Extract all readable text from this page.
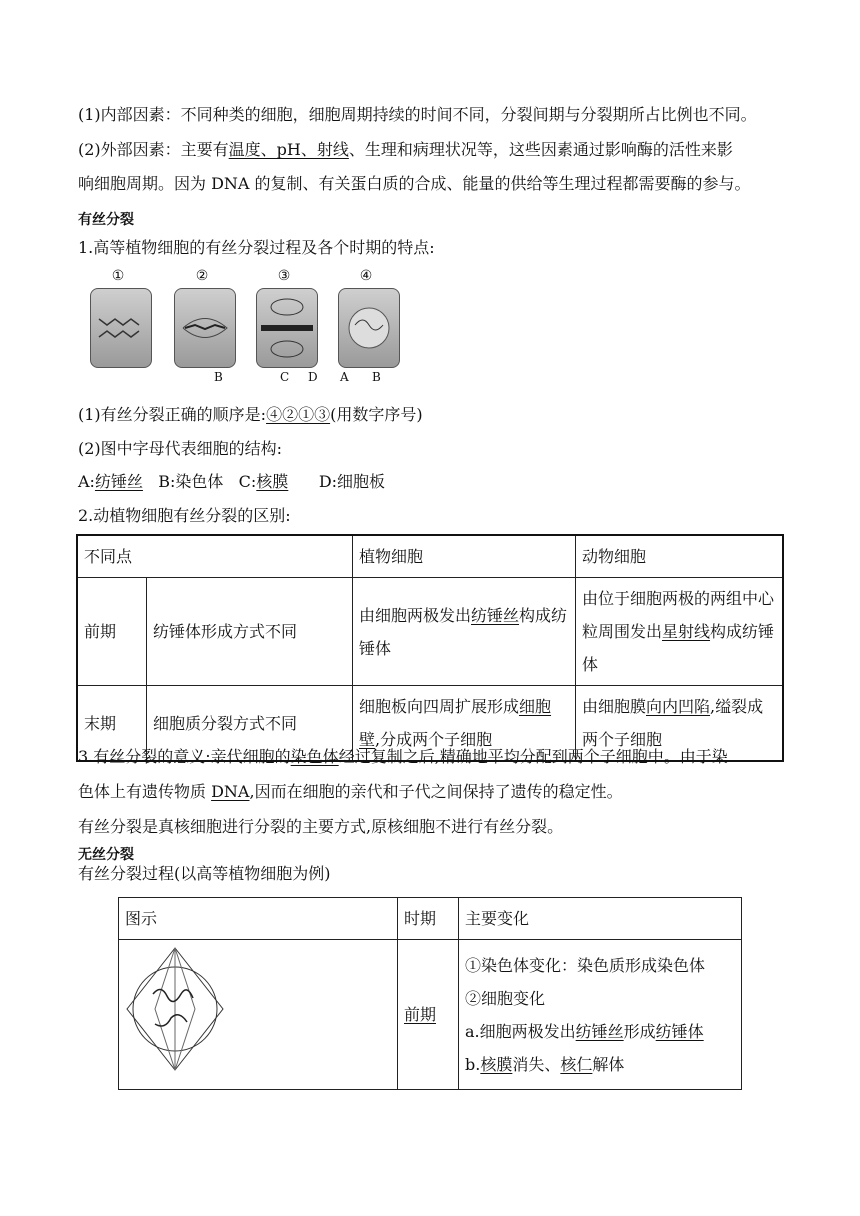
(1)内部因素：不同种类的细胞，细胞周期持续的时间不同，分裂间期与分裂期所占比例也不同。
(2)外部因素：主要有温度、pH、射线、生理和病理状况等，这些因素通过影响酶的活性来影
响细胞周期。因为 DNA 的复制、有关蛋白质的合成、能量的供给等生理过程都需要酶的参与。
有丝分裂
1.高等植物细胞的有丝分裂过程及各个时期的特点:
①	②	③	④
B	C D A B
(1)有丝分裂正确的顺序是:④②①③(用数字序号)
(2)图中字母代表细胞的结构:
A:纺锤丝 B:染色体 C:核膜 D:细胞板
2.动植物细胞有丝分裂的区别:
不同点		植物细胞	动物细胞
前期	纺锤体形成方式不同	由细胞两极发出纺锤丝构成纺锤体	由位于细胞两极的两组中心粒周围发出星射线构成纺锤体
末期	细胞质分裂方式不同	细胞板向四周扩展形成细胞壁,分成两个子细胞	由细胞膜向内凹陷,缢裂成两个子细胞
3.有丝分裂的意义:亲代细胞的染色体经过复制之后,精确地平均分配到两个子细胞中。由于染
色体上有遗传物质 DNA,因而在细胞的亲代和子代之间保持了遗传的稳定性。
有丝分裂是真核细胞进行分裂的主要方式,原核细胞不进行有丝分裂。
无丝分裂
有丝分裂过程(以高等植物细胞为例)
图示	时期	主要变化
	前期	①染色体变化：染色质形成染色体
②细胞变化
a.细胞两极发出纺锤丝形成纺锤体
b.核膜消失、核仁解体
